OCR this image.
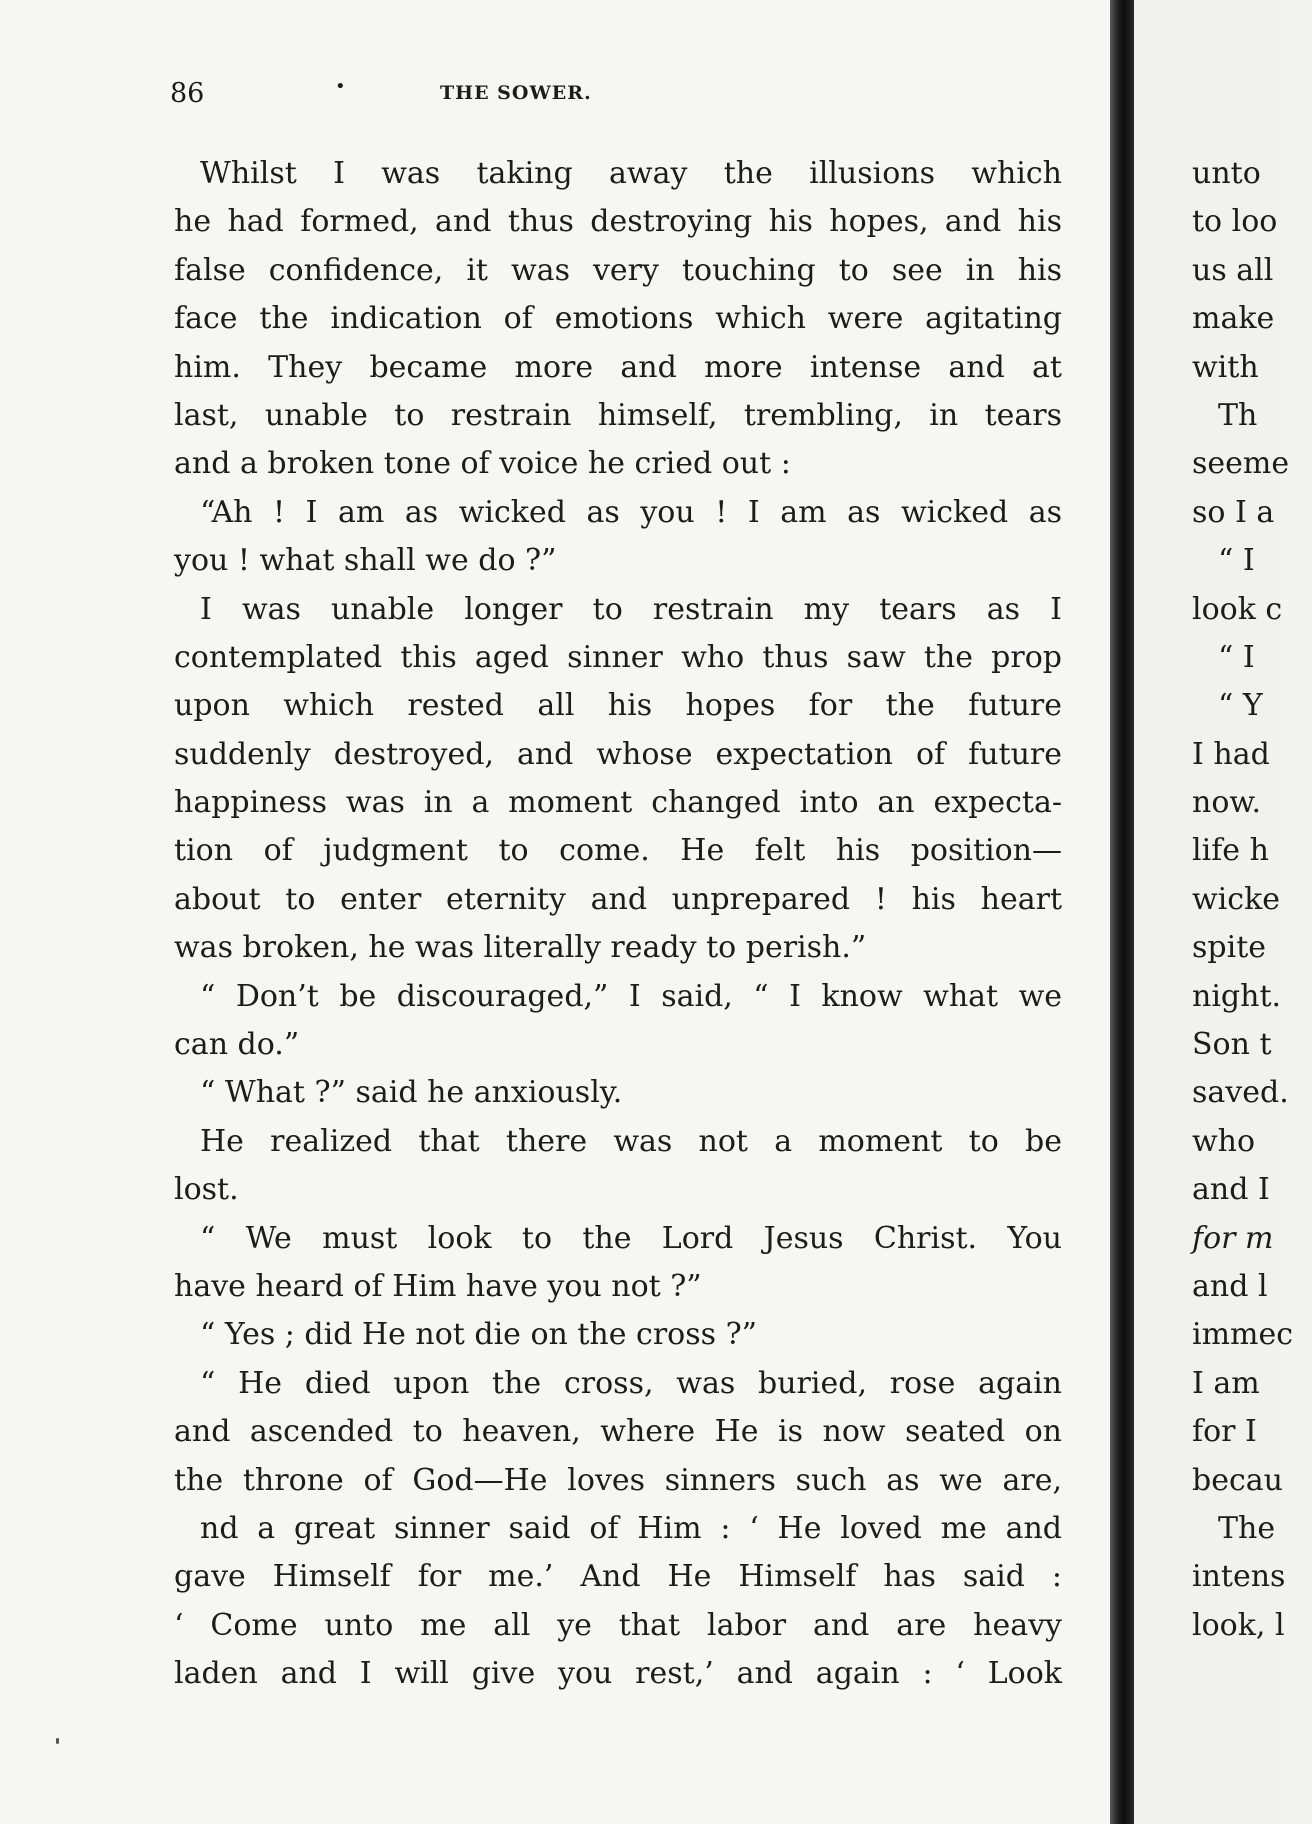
86	•	THE SOWER.
Whilst I was taking away the illusions which
he had formed, and thus destroying his hopes, and his
false confidence, it was very touching to see in his
face the indication of emotions which were agitating
him. They became more and more intense and at
last, unable to restrain himself, trembling, in tears
and a broken tone of voice he cried out :
“Ah ! I am as wicked as you ! I am as wicked as
you ! what shall we do ?”
I was unable longer to restrain my tears as I
contemplated this aged sinner who thus saw the prop
upon which rested all his hopes for the future
suddenly destroyed, and whose expectation of future
happiness was in a moment changed into an expecta-
tion of judgment to come. He felt his position—
about to enter eternity and unprepared ! his heart
was broken, he was literally ready to perish.”
“ Don’t be discouraged,” I said, “ I know what we
can do.”
“ What ?” said he anxiously.
He realized that there was not a moment to be
lost.
“ We must look to the Lord Jesus Christ. You
have heard of Him have you not ?”
“ Yes ; did He not die on the cross ?”
“ He died upon the cross, was buried, rose again
and ascended to heaven, where He is now seated on
the throne of God—He loves sinners such as we are,
nd a great sinner said of Him : ‘ He loved me and
gave Himself for me.’ And He Himself has said :
‘ Come unto me all ye that labor and are heavy
laden and I will give you rest,’ and again : ‘ Look
unto
to loo
us all
make
with
Th
seeme
so I a
“ I
look c
“ I
“ Y
I had
now.
life h
wicke
spite
night.
Son t
saved.
who
and I
for m
and l
immec
I am
for I
becau
The
intens
look, l
